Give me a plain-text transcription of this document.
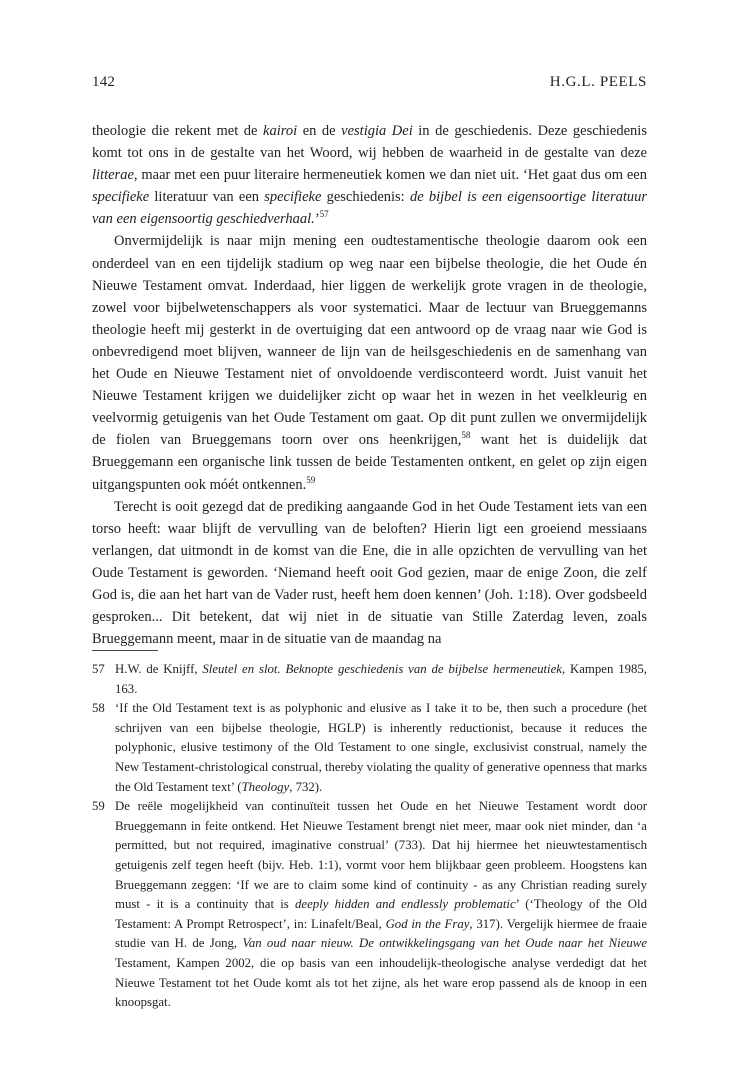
142	H.G.L. PEELS

theologie die rekent met de kairoi en de vestigia Dei in de geschiedenis. Deze geschiedenis komt tot ons in de gestalte van het Woord, wij hebben de waarheid in de gestalte van deze litterae, maar met een puur literaire hermeneutiek komen we dan niet uit. ‘Het gaat dus om een specifieke literatuur van een specifieke geschiedenis: de bijbel is een eigensoortige literatuur van een eigensoortig geschiedverhaal.’$^{57}$

Onvermijdelijk is naar mijn mening een oudtestamentische theologie daarom ook een onderdeel van en een tijdelijk stadium op weg naar een bijbelse theologie, die het Oude én Nieuwe Testament omvat. Inderdaad, hier liggen de werkelijk grote vragen in de theologie, zowel voor bijbelwetenschappers als voor systematici. Maar de lectuur van Brueggemanns theologie heeft mij gesterkt in de overtuiging dat een antwoord op de vraag naar wie God is onbevredigend moet blijven, wanneer de lijn van de heilsgeschiedenis en de samenhang van het Oude en Nieuwe Testament niet of onvoldoende verdisconteerd wordt. Juist vanuit het Nieuwe Testament krijgen we duidelijker zicht op waar het in wezen in het veelkleurig en veelvormig getuigenis van het Oude Testament om gaat. Op dit punt zullen we onvermijdelijk de fiolen van Brueggemans toorn over ons heenkrijgen,$^{58}$ want het is duidelijk dat Brueggemann een organische link tussen de beide Testamenten ontkent, en gelet op zijn eigen uitgangspunten ook móét ontkennen.$^{59}$

Terecht is ooit gezegd dat de prediking aangaande God in het Oude Testament iets van een torso heeft: waar blijft de vervulling van de beloften? Hierin ligt een groeiend messiaans verlangen, dat uitmondt in de komst van die Ene, die in alle opzichten de vervulling van het Oude Testament is geworden. ‘Niemand heeft ooit God gezien, maar de enige Zoon, die zelf God is, die aan het hart van de Vader rust, heeft hem doen kennen’ (Joh. 1:18). Over godsbeeld gesproken... Dit betekent, dat wij niet in de situatie van Stille Zaterdag leven, zoals Brueggemann meent, maar in de situatie van de maandag na

57 H.W. de Knijff, Sleutel en slot. Beknopte geschiedenis van de bijbelse hermeneutiek, Kampen 1985, 163.
58 ‘If the Old Testament text is as polyphonic and elusive as I take it to be, then such a procedure (het schrijven van een bijbelse theologie, HGLP) is inherently reductionist, because it reduces the polyphonic, elusive testimony of the Old Testament to one single, exclusivist construal, namely the New Testament-christological construal, thereby violating the quality of generative openness that marks the Old Testament text’ (Theology, 732).
59 De reële mogelijkheid van continuïteit tussen het Oude en het Nieuwe Testament wordt door Brueggemann in feite ontkend. Het Nieuwe Testament brengt niet meer, maar ook niet minder, dan ‘a permitted, but not required, imaginative construal’ (733). Dat hij hiermee het nieuwtestamentisch getuigenis zelf tegen heeft (bijv. Heb. 1:1), vormt voor hem blijkbaar geen probleem. Hoogstens kan Brueggemann zeggen: ‘If we are to claim some kind of continuity - as any Christian reading surely must - it is a continuity that is deeply hidden and endlessly problematic’ (‘Theology of the Old Testament: A Prompt Retrospect’, in: Linafelt/Beal, God in the Fray, 317). Vergelijk hiermee de fraaie studie van H. de Jong, Van oud naar nieuw. De ontwikkelingsgang van het Oude naar het Nieuwe Testament, Kampen 2002, die op basis van een inhoudelijk-theologische analyse verdedigt dat het Nieuwe Testament tot het Oude komt als tot het zijne, als het ware erop passend als de knoop in een knoopsgat.
